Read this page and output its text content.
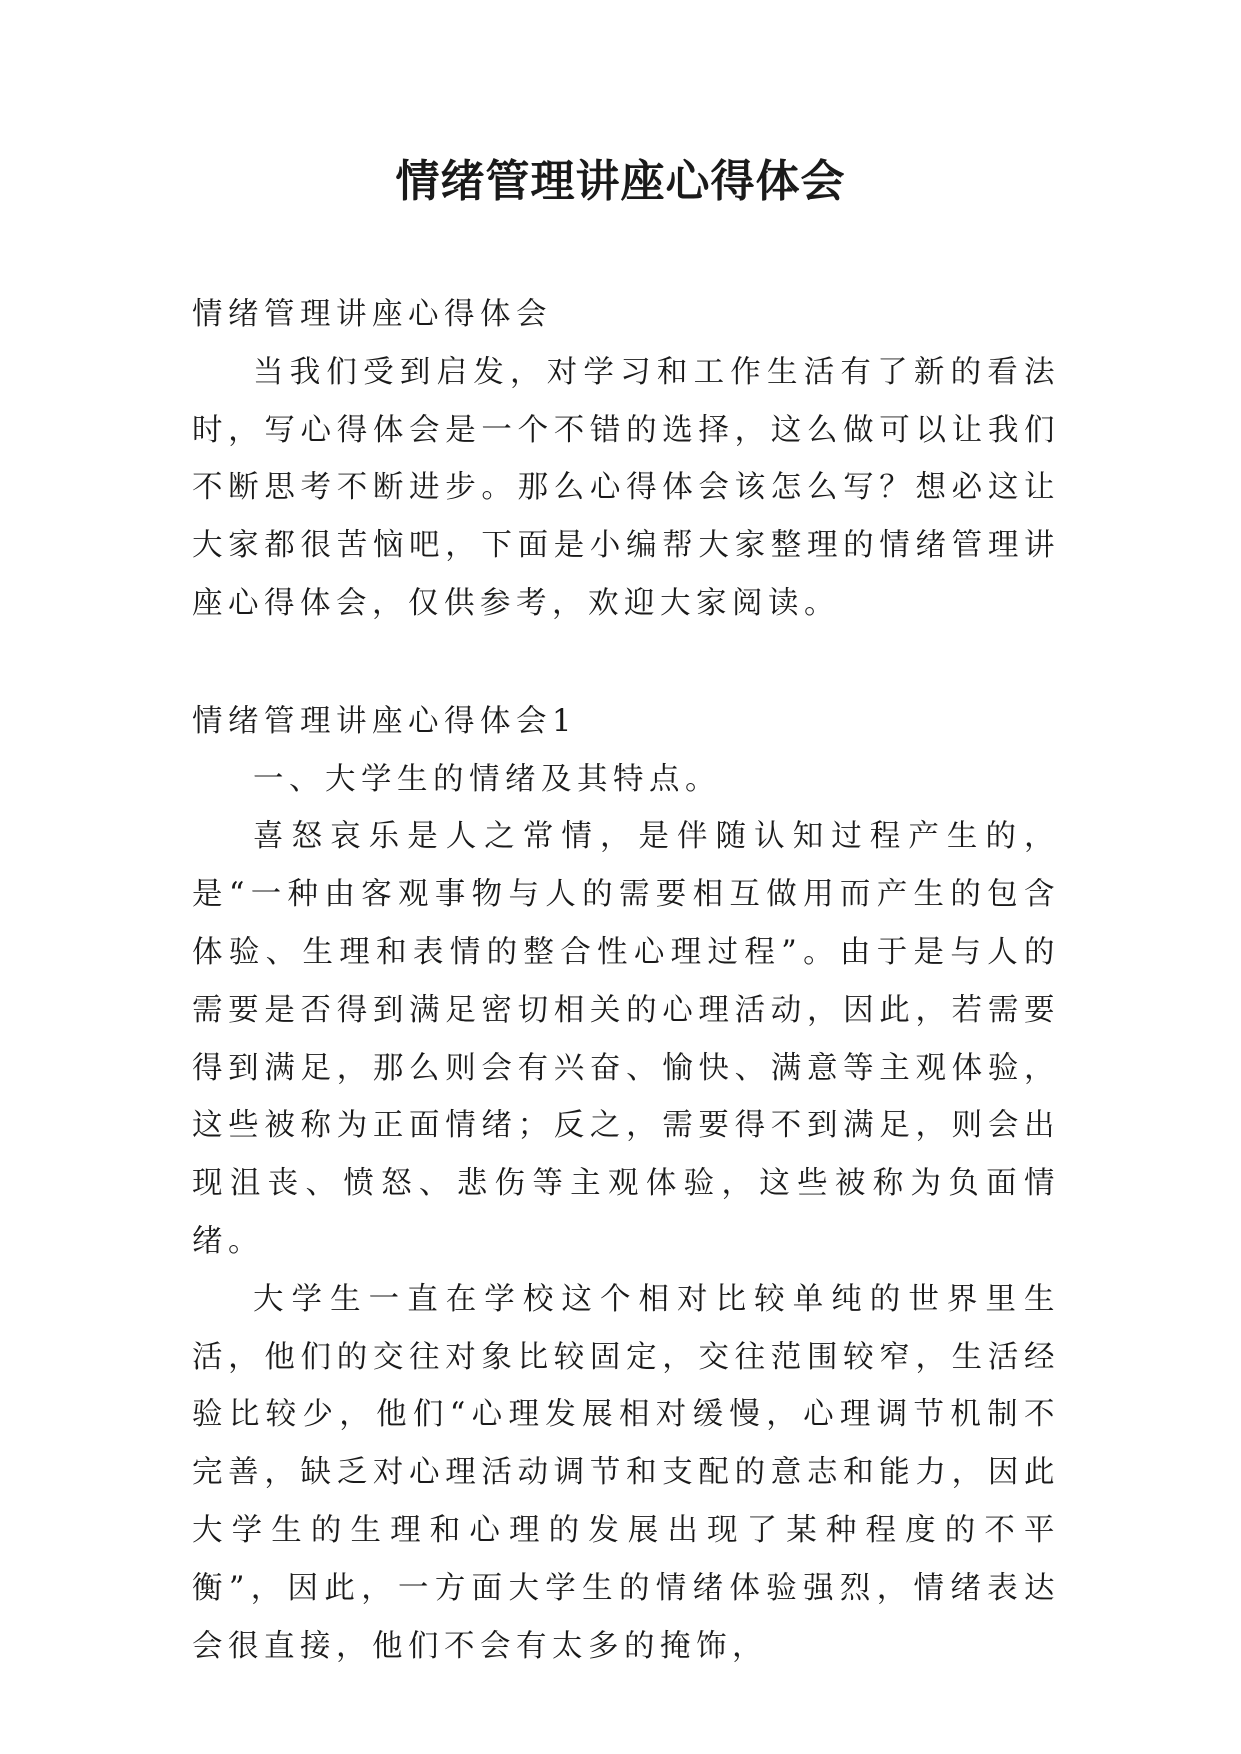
情绪管理讲座心得体会

情绪管理讲座心得体会

当我们受到启发，对学习和工作生活有了新的看法时，写心得体会是一个不错的选择，这么做可以让我们不断思考不断进步。那么心得体会该怎么写？想必这让大家都很苦恼吧，下面是小编帮大家整理的情绪管理讲座心得体会，仅供参考，欢迎大家阅读。

情绪管理讲座心得体会1

一、大学生的情绪及其特点。

喜怒哀乐是人之常情，是伴随认知过程产生的，是“一种由客观事物与人的需要相互做用而产生的包含体验、生理和表情的整合性心理过程”。由于是与人的需要是否得到满足密切相关的心理活动，因此，若需要得到满足，那么则会有兴奋、愉快、满意等主观体验，这些被称为正面情绪；反之，需要得不到满足，则会出现沮丧、愤怒、悲伤等主观体验，这些被称为负面情绪。

大学生一直在学校这个相对比较单纯的世界里生活，他们的交往对象比较固定，交往范围较窄，生活经验比较少，他们“心理发展相对缓慢，心理调节机制不完善，缺乏对心理活动调节和支配的意志和能力，因此大学生的生理和心理的发展出现了某种程度的不平衡”，因此，一方面大学生的情绪体验强烈，情绪表达会很直接，他们不会有太多的掩饰，
